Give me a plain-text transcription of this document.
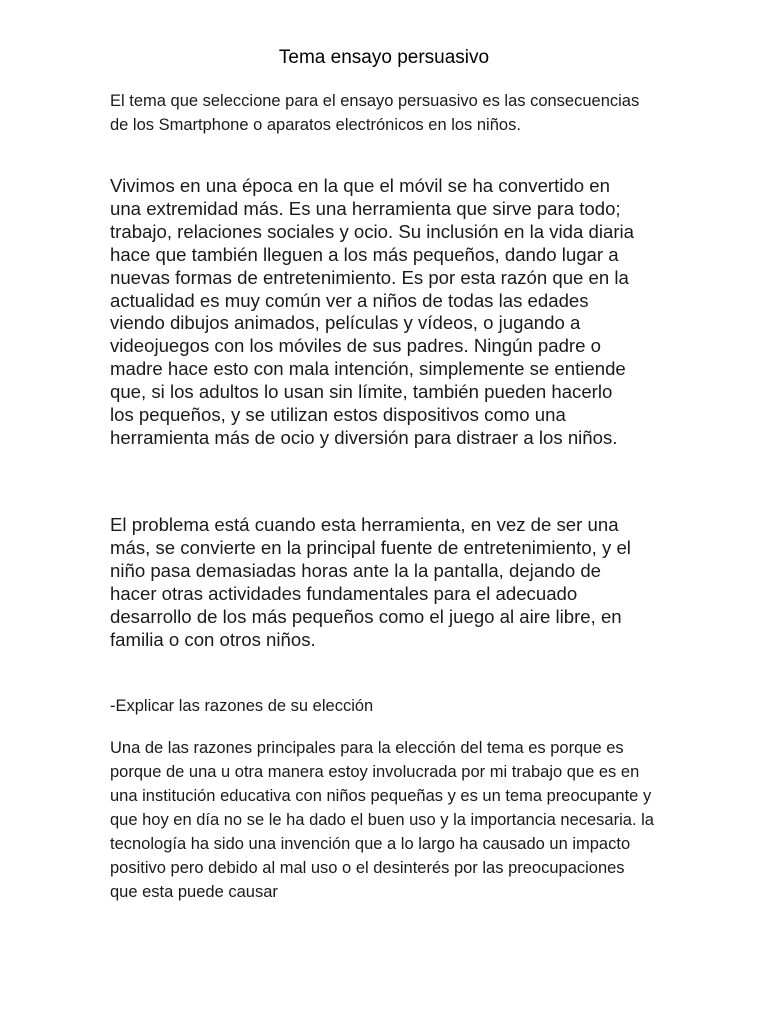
Tema ensayo persuasivo

El tema que seleccione para el ensayo persuasivo es las consecuencias de los Smartphone o aparatos electrónicos en los niños.

Vivimos en una época en la que el móvil se ha convertido en una extremidad más. Es una herramienta que sirve para todo; trabajo, relaciones sociales y ocio. Su inclusión en la vida diaria hace que también lleguen a los más pequeños, dando lugar a nuevas formas de entretenimiento. Es por esta razón que en la actualidad es muy común ver a niños de todas las edades viendo dibujos animados, películas y vídeos, o jugando a videojuegos con los móviles de sus padres. Ningún padre o madre hace esto con mala intención, simplemente se entiende que, si los adultos lo usan sin límite, también pueden hacerlo los pequeños, y se utilizan estos dispositivos como una herramienta más de ocio y diversión para distraer a los niños.

El problema está cuando esta herramienta, en vez de ser una más, se convierte en la principal fuente de entretenimiento, y el niño pasa demasiadas horas ante la la pantalla, dejando de hacer otras actividades fundamentales para el adecuado desarrollo de los más pequeños como el juego al aire libre, en familia o con otros niños.

-Explicar las razones de su elección

Una de las razones principales para la elección del tema es porque es porque de una u otra manera estoy involucrada por mi trabajo que es en una institución educativa con niños pequeñas y es un tema preocupante y que hoy en día no se le ha dado el buen uso y la importancia necesaria. la tecnología ha sido una invención que a lo largo ha causado un impacto positivo pero debido al mal uso o el desinterés por las preocupaciones que esta puede causar
